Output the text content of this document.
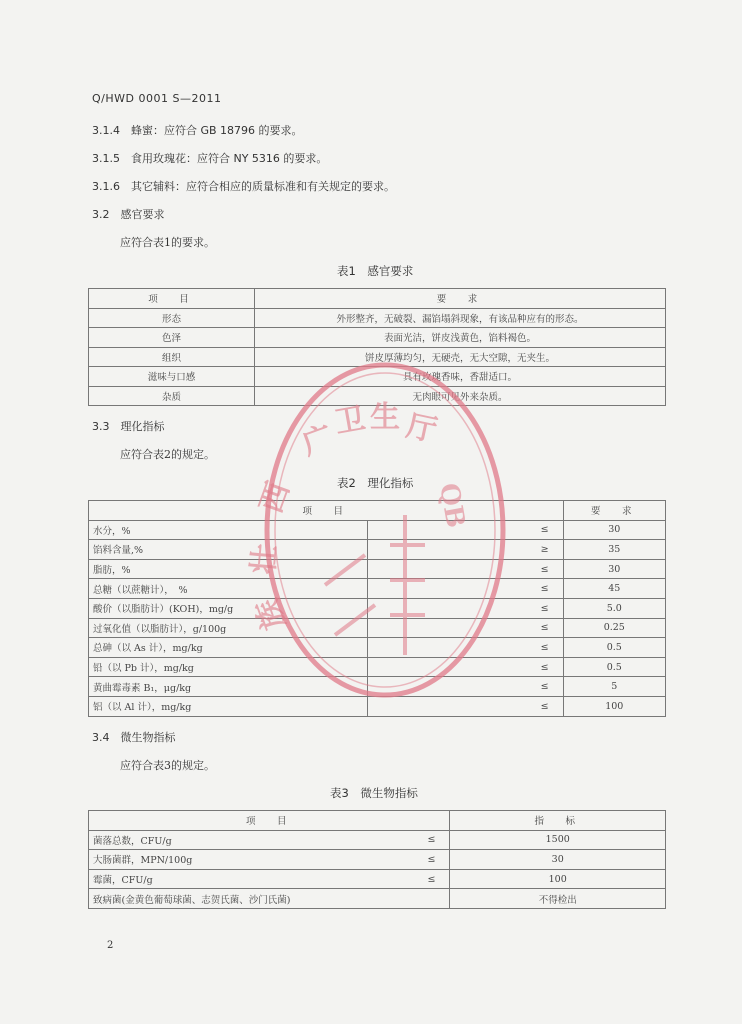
Q/HWD 0001 S—2011
3.1.4　蜂蜜：应符合 GB 18796 的要求。
3.1.5　食用玫瑰花：应符合 NY 5316 的要求。
3.1.6　其它辅料：应符合相应的质量标准和有关规定的要求。
3.2　感官要求
应符合表1的要求。
表1　感官要求
项　目	要　求
形态	外形整齐，无破裂、漏馅塌斜现象，有该品种应有的形态。
色泽	表面光洁，饼皮浅黄色，馅料褐色。
组织	饼皮厚薄均匀，无硬壳，无大空隙，无夹生。
滋味与口感	具有玫瑰香味，香甜适口。
杂质	无肉眼可见外来杂质。
3.3　理化指标
应符合表2的规定。
表2　理化指标
项　目		要　求
水分，%	≤	30
馅料含量,%	≥	35
脂肪，%	≤	30
总糖（以蔗糖计），　%	≤	45
酸价（以脂肪计）(KOH)，mg/g	≤	5.0
过氧化值（以脂肪计），g/100g	≤	0.25
总砷（以 As 计），mg/kg	≤	0.5
铅（以 Pb 计），mg/kg	≤	0.5
黄曲霉毒素 B₁，μg/kg	≤	5
铝（以 Al 计），mg/kg	≤	100
3.4　微生物指标
应符合表3的规定。
表3　微生物指标
项　目		指　标
菌落总数，CFU/g	≤	1500
大肠菌群，MPN/100g	≤	30
霉菌，CFU/g	≤	100
致病菌(金黄色葡萄球菌、志贺氏菌、沙门氏菌)		不得检出
2
广
卫 生 厅
西
壮
族
QB
